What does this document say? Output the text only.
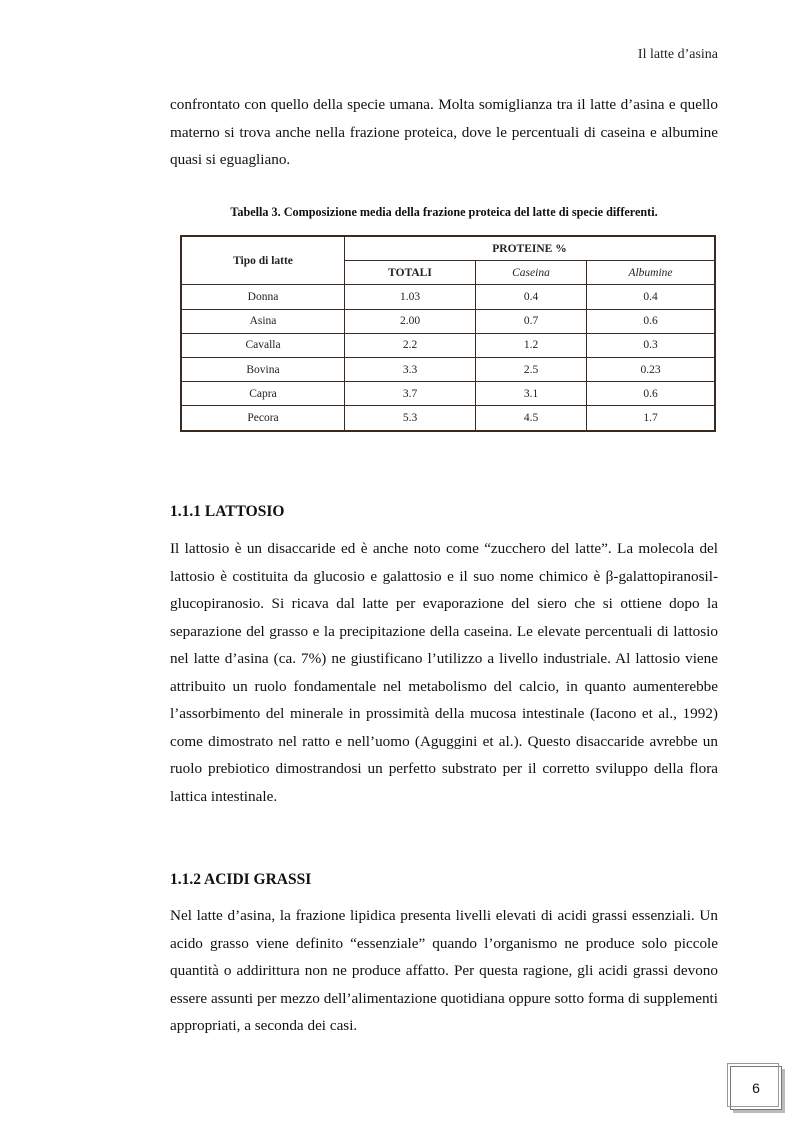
Il latte d’asina

confrontato con quello della specie umana. Molta somiglianza tra il latte d’asina e quello materno si trova anche nella frazione proteica, dove le percentuali di caseina e albumine quasi si eguagliano.

Tabella 3. Composizione media della frazione proteica del latte di specie differenti.
Tipo di latte	PROTEINE %		
	TOTALI	Caseina	Albumine
Donna	1.03	0.4	0.4
Asina	2.00	0.7	0.6
Cavalla	2.2	1.2	0.3
Bovina	3.3	2.5	0.23
Capra	3.7	3.1	0.6
Pecora	5.3	4.5	1.7
1.1.1 LATTOSIO

Il lattosio è un disaccaride ed è anche noto come “zucchero del latte”. La molecola del lattosio è costituita da glucosio e galattosio e il suo nome chimico è β-galattopiranosil-glucopiranosio. Si ricava dal latte per evaporazione del siero che si ottiene dopo la separazione del grasso e la precipitazione della caseina. Le elevate percentuali di lattosio nel latte d’asina (ca. 7%) ne giustificano l’utilizzo a livello industriale. Al lattosio viene attribuito un ruolo fondamentale nel metabolismo del calcio, in quanto aumenterebbe l’assorbimento del minerale in prossimità della mucosa intestinale (Iacono et al., 1992) come dimostrato nel ratto e nell’uomo (Aguggini et al.). Questo disaccaride avrebbe un ruolo prebiotico dimostrandosi un perfetto substrato per il corretto sviluppo della flora lattica intestinale.

1.1.2 ACIDI GRASSI

Nel latte d’asina, la frazione lipidica presenta livelli elevati di acidi grassi essenziali. Un acido grasso viene definito “essenziale” quando l’organismo ne produce solo piccole quantità o addirittura non ne produce affatto. Per questa ragione, gli acidi grassi devono essere assunti per mezzo dell’alimentazione quotidiana oppure sotto forma di supplementi appropriati, a seconda dei casi.

6
